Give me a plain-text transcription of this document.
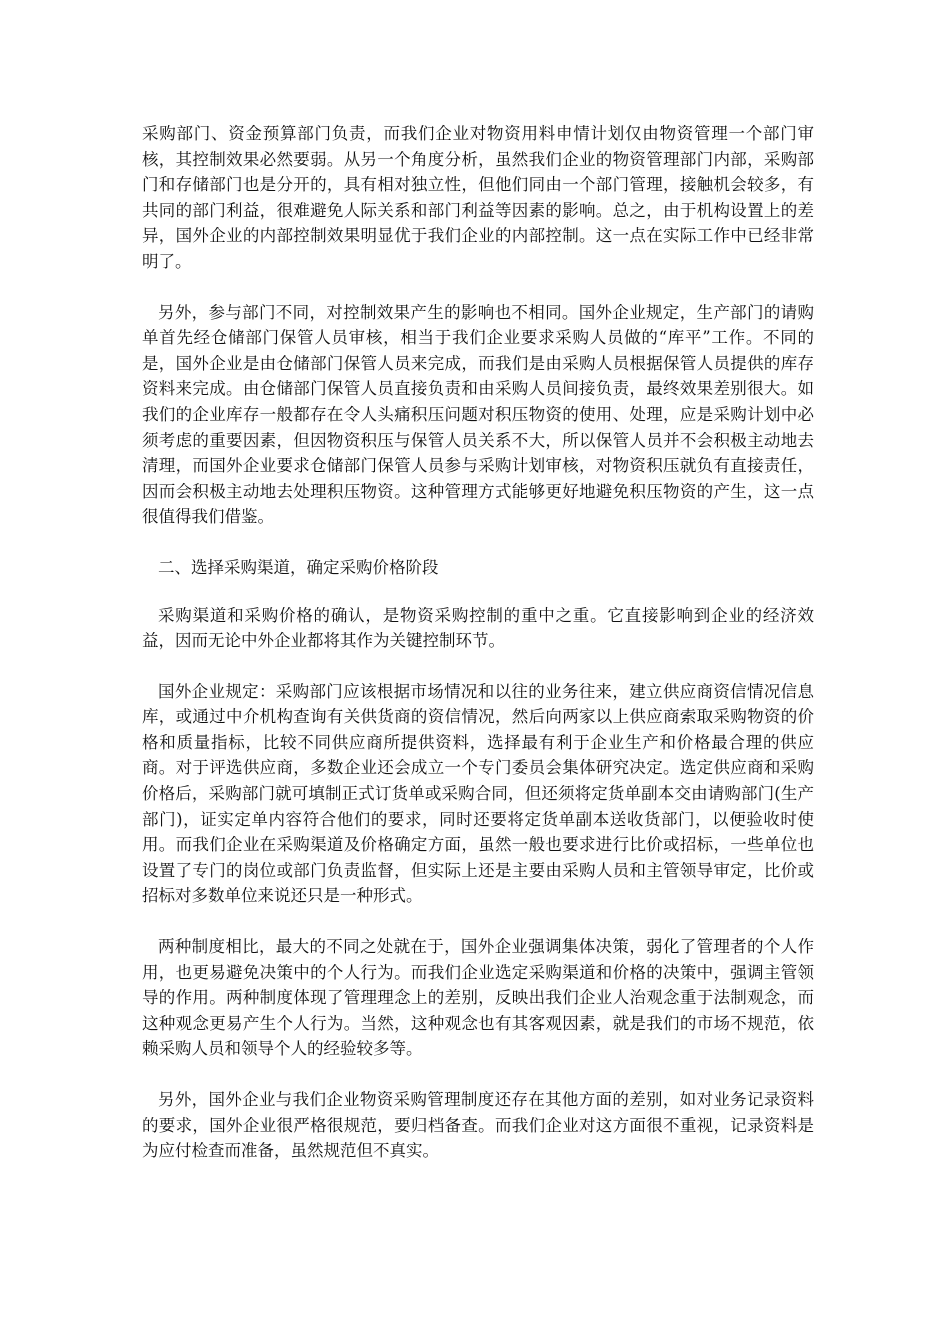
采购部门、资金预算部门负责，而我们企业对物资用料申情计划仅由物资管理一个部门审核，其控制效果必然要弱。从另一个角度分析，虽然我们企业的物资管理部门内部，采购部门和存储部门也是分开的，具有相对独立性，但他们同由一个部门管理，接触机会较多，有共同的部门利益，很难避免人际关系和部门利益等因素的影响。总之，由于机构设置上的差异，国外企业的内部控制效果明显优于我们企业的内部控制。这一点在实际工作中已经非常明了。

另外，参与部门不同，对控制效果产生的影响也不相同。国外企业规定，生产部门的请购单首先经仓储部门保管人员审核，相当于我们企业要求采购人员做的“库平”工作。不同的是，国外企业是由仓储部门保管人员来完成，而我们是由采购人员根据保管人员提供的库存资料来完成。由仓储部门保管人员直接负责和由采购人员间接负责，最终效果差别很大。如我们的企业库存一般都存在令人头痛积压问题对积压物资的使用、处理，应是采购计划中必须考虑的重要因素，但因物资积压与保管人员关系不大，所以保管人员并不会积极主动地去清理，而国外企业要求仓储部门保管人员参与采购计划审核，对物资积压就负有直接责任，因而会积极主动地去处理积压物资。这种管理方式能够更好地避免积压物资的产生，这一点很值得我们借鉴。

二、选择采购渠道，确定采购价格阶段

采购渠道和采购价格的确认，是物资采购控制的重中之重。它直接影响到企业的经济效益，因而无论中外企业都将其作为关键控制环节。

国外企业规定：采购部门应该根据市场情况和以往的业务往来，建立供应商资信情况信息库，或通过中介机构查询有关供货商的资信情况，然后向两家以上供应商索取采购物资的价格和质量指标，比较不同供应商所提供资料，选择最有利于企业生产和价格最合理的供应商。对于评选供应商，多数企业还会成立一个专门委员会集体研究决定。选定供应商和采购价格后，采购部门就可填制正式订货单或采购合同，但还须将定货单副本交由请购部门(生产部门)，证实定单内容符合他们的要求，同时还要将定货单副本送收货部门，以便验收时使用。而我们企业在采购渠道及价格确定方面，虽然一般也要求进行比价或招标，一些单位也设置了专门的岗位或部门负责监督，但实际上还是主要由采购人员和主管领导审定，比价或招标对多数单位来说还只是一种形式。

两种制度相比，最大的不同之处就在于，国外企业强调集体决策，弱化了管理者的个人作用，也更易避免决策中的个人行为。而我们企业选定采购渠道和价格的决策中，强调主管领导的作用。两种制度体现了管理理念上的差别，反映出我们企业人治观念重于法制观念，而这种观念更易产生个人行为。当然，这种观念也有其客观因素，就是我们的市场不规范，依赖采购人员和领导个人的经验较多等。

另外，国外企业与我们企业物资采购管理制度还存在其他方面的差别，如对业务记录资料的要求，国外企业很严格很规范，要归档备查。而我们企业对这方面很不重视，记录资料是为应付检查而准备，虽然规范但不真实。
